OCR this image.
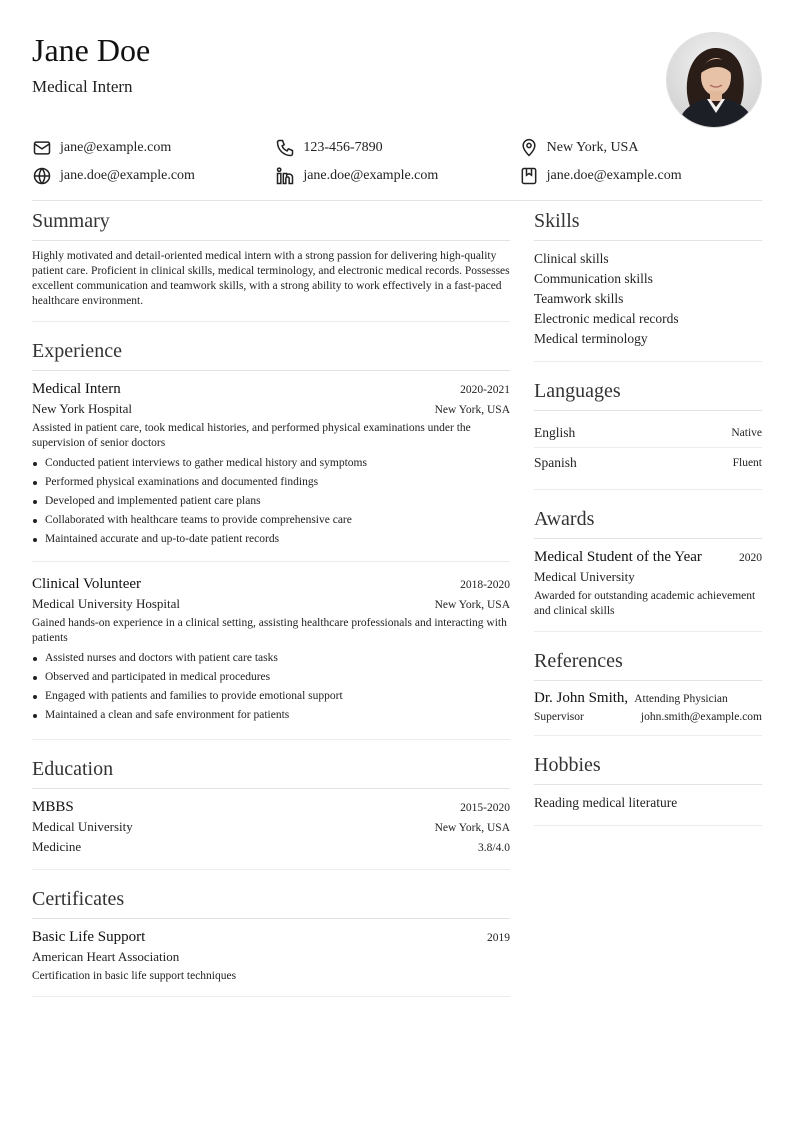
Jane Doe
Medical Intern
jane@example.com	123-456-7890	New York, USA
jane.doe@example.com	jane.doe@example.com	jane.doe@example.com
Summary
Highly motivated and detail-oriented medical intern with a strong passion for delivering high-quality patient care. Proficient in clinical skills, medical terminology, and electronic medical records. Possesses excellent communication and teamwork skills, with a strong ability to work effectively in a fast-paced healthcare environment.
Experience
Medical Intern	2020-2021
New York Hospital	New York, USA
Assisted in patient care, took medical histories, and performed physical examinations under the supervision of senior doctors
Conducted patient interviews to gather medical history and symptoms
Performed physical examinations and documented findings
Developed and implemented patient care plans
Collaborated with healthcare teams to provide comprehensive care
Maintained accurate and up-to-date patient records
Clinical Volunteer	2018-2020
Medical University Hospital	New York, USA
Gained hands-on experience in a clinical setting, assisting healthcare professionals and interacting with patients
Assisted nurses and doctors with patient care tasks
Observed and participated in medical procedures
Engaged with patients and families to provide emotional support
Maintained a clean and safe environment for patients
Education
MBBS	2015-2020
Medical University	New York, USA
Medicine	3.8/4.0
Certificates
Basic Life Support	2019
American Heart Association
Certification in basic life support techniques
Skills
Clinical skills
Communication skills
Teamwork skills
Electronic medical records
Medical terminology
Languages
English	Native
Spanish	Fluent
Awards
Medical Student of the Year	2020
Medical University
Awarded for outstanding academic achievement and clinical skills
References
Dr. John Smith, Attending Physician
Supervisor	john.smith@example.com
Hobbies
Reading medical literature
